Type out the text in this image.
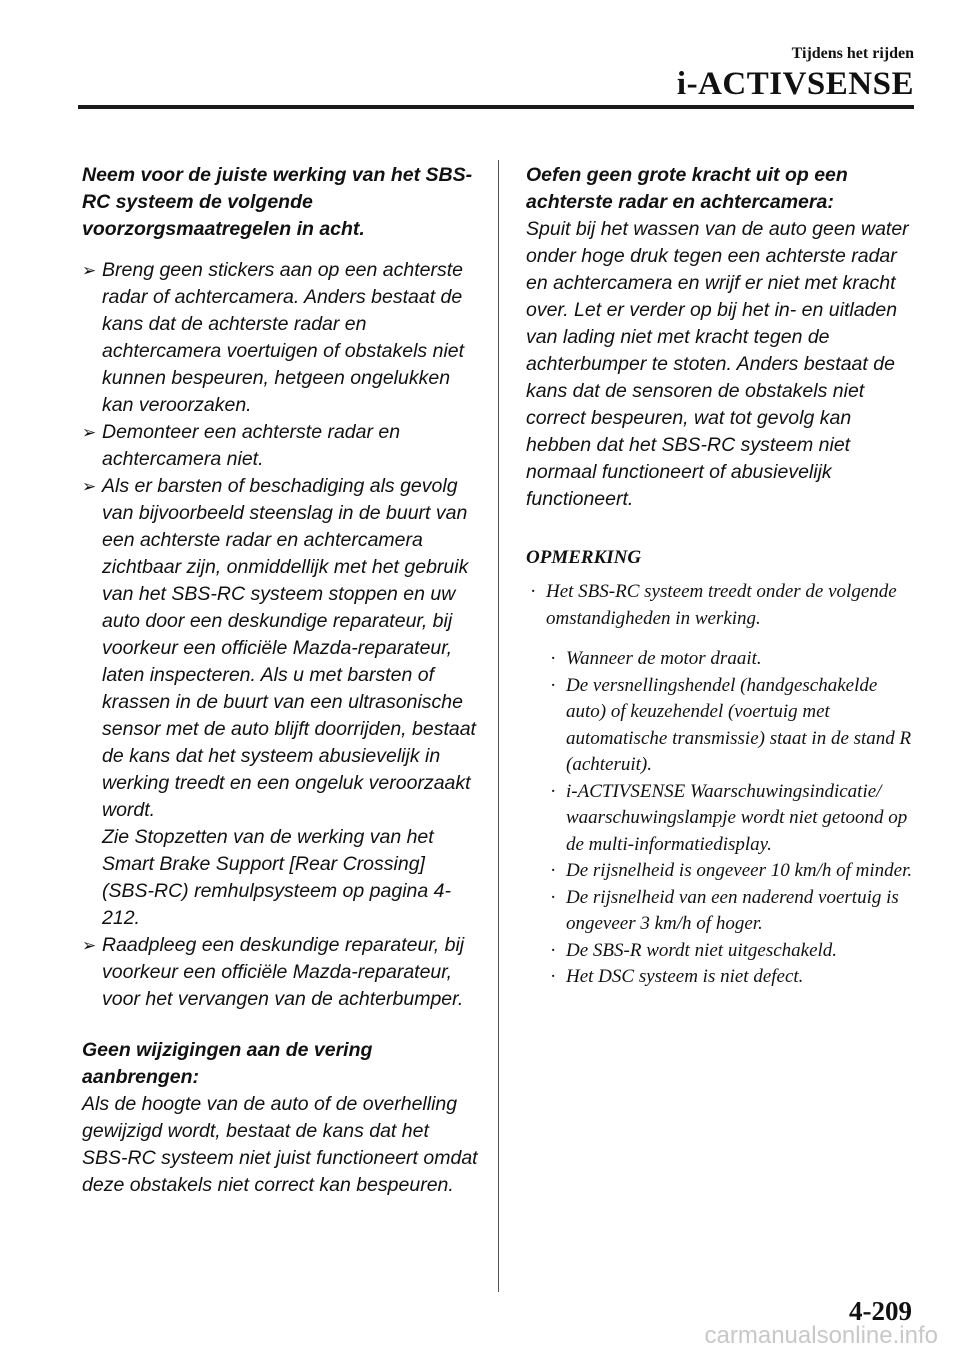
Tijdens het rijden
i-ACTIVSENSE

Neem voor de juiste werking van het SBS-RC systeem de volgende voorzorgsmaatregelen in acht.

➢ Breng geen stickers aan op een achterste radar of achtercamera. Anders bestaat de kans dat de achterste radar en achtercamera voertuigen of obstakels niet kunnen bespeuren, hetgeen ongelukken kan veroorzaken.
➢ Demonteer een achterste radar en achtercamera niet.
➢ Als er barsten of beschadiging als gevolg van bijvoorbeeld steenslag in de buurt van een achterste radar en achtercamera zichtbaar zijn, onmiddellijk met het gebruik van het SBS-RC systeem stoppen en uw auto door een deskundige reparateur, bij voorkeur een officiële Mazda-reparateur, laten inspecteren. Als u met barsten of krassen in de buurt van een ultrasonische sensor met de auto blijft doorrijden, bestaat de kans dat het systeem abusievelijk in werking treedt en een ongeluk veroorzaakt wordt.
Zie Stopzetten van de werking van het Smart Brake Support [Rear Crossing] (SBS-RC) remhulpsysteem op pagina 4-212.
➢ Raadpleeg een deskundige reparateur, bij voorkeur een officiële Mazda-reparateur, voor het vervangen van de achterbumper.

Geen wijzigingen aan de vering aanbrengen:

Als de hoogte van de auto of de overhelling gewijzigd wordt, bestaat de kans dat het SBS-RC systeem niet juist functioneert omdat deze obstakels niet correct kan bespeuren.

Oefen geen grote kracht uit op een achterste radar en achtercamera:

Spuit bij het wassen van de auto geen water onder hoge druk tegen een achterste radar en achtercamera en wrijf er niet met kracht over. Let er verder op bij het in- en uitladen van lading niet met kracht tegen de achterbumper te stoten. Anders bestaat de kans dat de sensoren de obstakels niet correct bespeuren, wat tot gevolg kan hebben dat het SBS-RC systeem niet normaal functioneert of abusievelijk functioneert.

OPMERKING

· Het SBS-RC systeem treedt onder de volgende omstandigheden in werking.
· Wanneer de motor draait.
· De versnellingshendel (handgeschakelde auto) of keuzehendel (voertuig met automatische transmissie) staat in de stand R (achteruit).
· i-ACTIVSENSE Waarschuwingsindicatie/ waarschuwingslampje wordt niet getoond op de multi-informatiedisplay.
· De rijsnelheid is ongeveer 10 km/h of minder.
· De rijsnelheid van een naderend voertuig is ongeveer 3 km/h of hoger.
· De SBS-R wordt niet uitgeschakeld.
· Het DSC systeem is niet defect.
4-209
carmanualsonline.info
